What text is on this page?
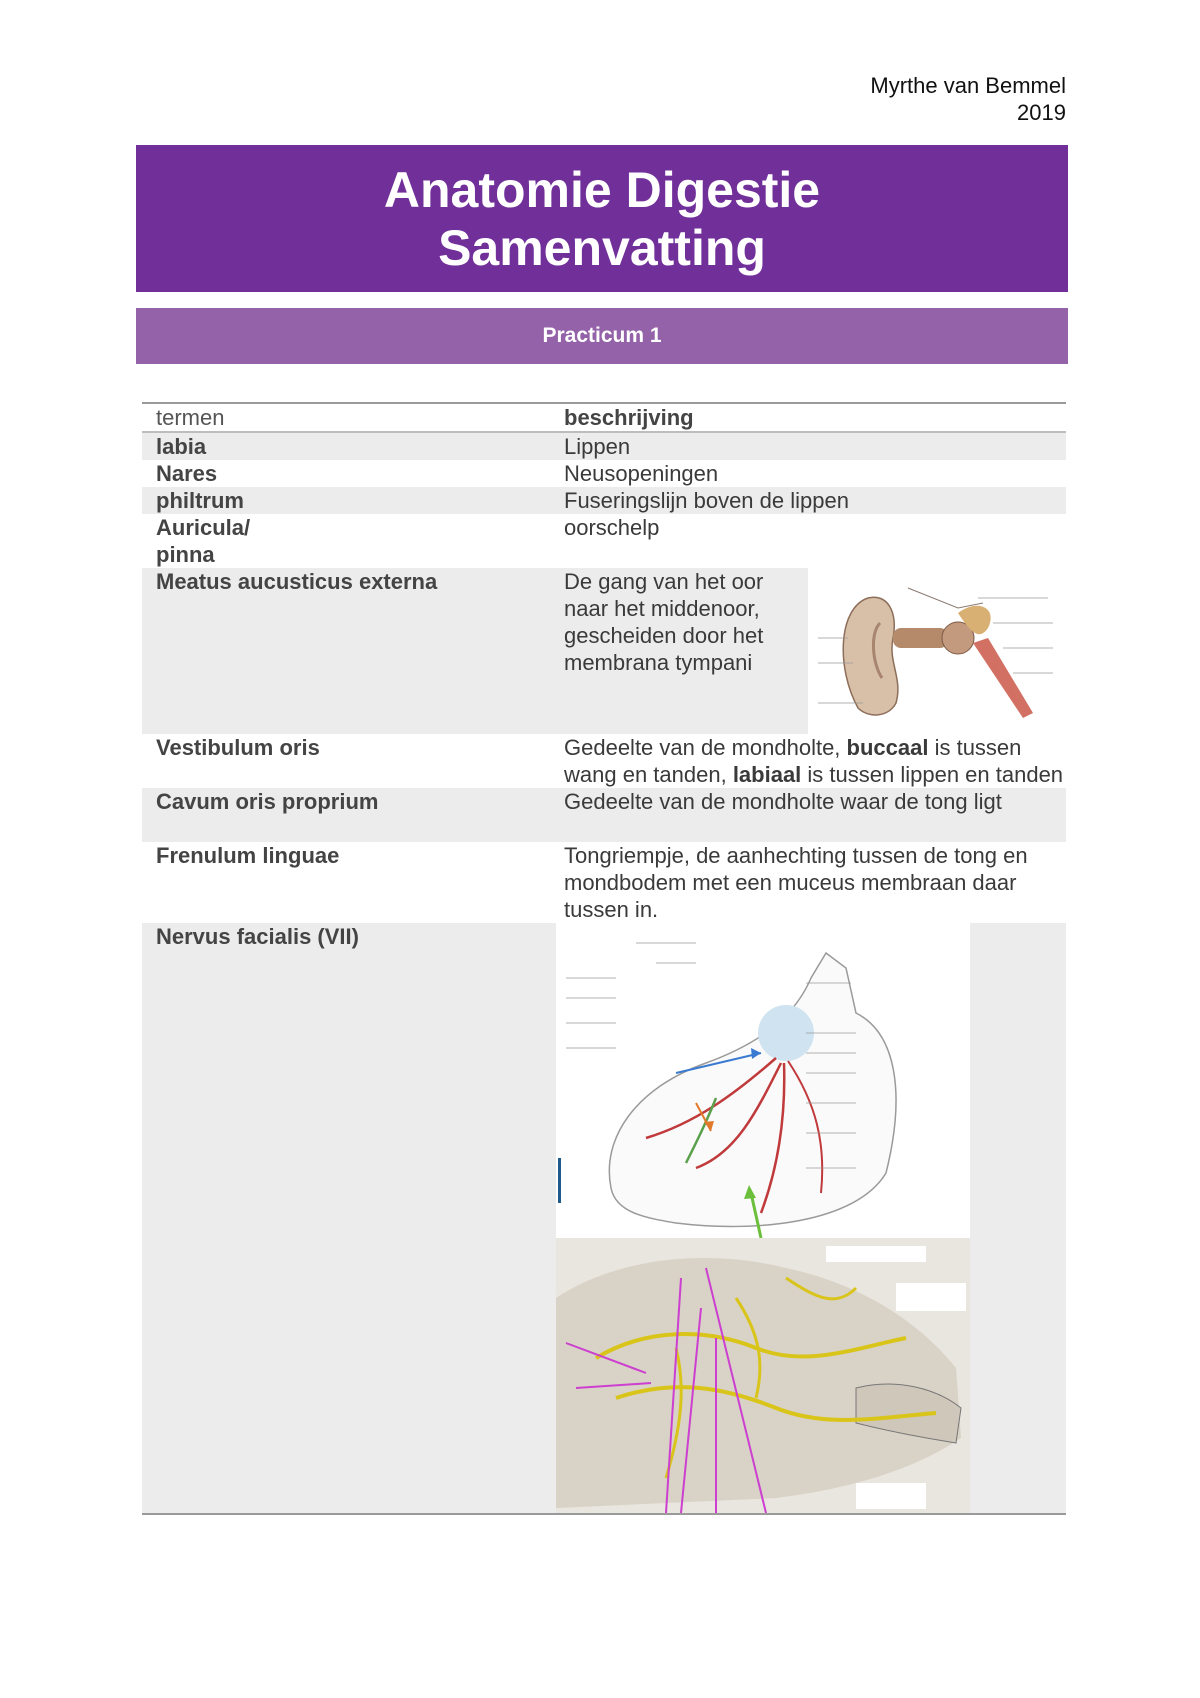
Myrthe van Bemmel
2019
Anatomie Digestie
Samenvatting
Practicum 1
termen	beschrijving
labia	Lippen
Nares	Neusopeningen
philtrum	Fuseringslijn boven de lippen

Auricula/ pinna	oorschelp
Meatus aucusticus externa	De gang van het oor naar het middenoor, gescheiden door het membrana tympani

Vestibulum oris	Gedeelte van de mondholte, buccaal is tussen wang en tanden, labiaal is tussen lippen en tanden
Cavum oris proprium	Gedeelte van de mondholte waar de tong ligt
Frenulum linguae	Tongriempje, de aanhechting tussen de tong en mondbodem met een muceus membraan daar tussen in.
Nervus facialis (VII)	
